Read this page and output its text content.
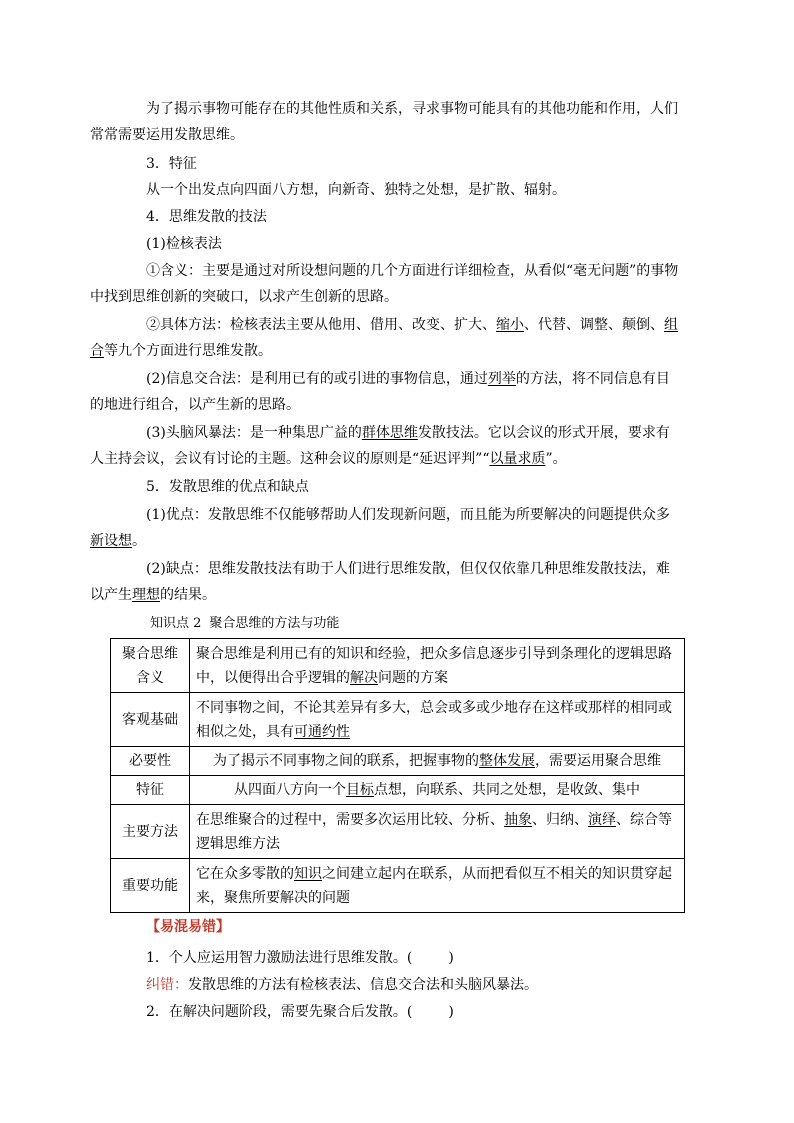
为了揭示事物可能存在的其他性质和关系，寻求事物可能具有的其他功能和作用，人们
常常需要运用发散思维。

3．特征

从一个出发点向四面八方想，向新奇、独特之处想，是扩散、辐射。

4．思维发散的技法

(1)检核表法

①含义：主要是通过对所设想问题的几个方面进行详细检查，从看似“毫无问题”的事物
中找到思维创新的突破口，以求产生创新的思路。

②具体方法：检核表法主要从他用、借用、改变、扩大、缩小、代替、调整、颠倒、组
合等九个方面进行思维发散。

(2)信息交合法：是利用已有的或引进的事物信息，通过列举的方法，将不同信息有目
的地进行组合，以产生新的思路。

(3)头脑风暴法：是一种集思广益的群体思维发散技法。它以会议的形式开展，要求有
人主持会议，会议有讨论的主题。这种会议的原则是“延迟评判”“以量求质”。

5．发散思维的优点和缺点

(1)优点：发散思维不仅能够帮助人们发现新问题，而且能为所要解决的问题提供众多
新设想。

(2)缺点：思维发散技法有助于人们进行思维发散，但仅仅依靠几种思维发散技法，难
以产生理想的结果。

知识点 2 聚合思维的方法与功能
聚合思维
含义	聚合思维是利用已有的知识和经验，把众多信息逐步引导到条理化的逻辑思路
中，以便得出合乎逻辑的解决问题的方案
客观基础	不同事物之间，不论其差异有多大，总会或多或少地存在这样或那样的相同或
相似之处，具有可通约性
必要性	为了揭示不同事物之间的联系，把握事物的整体发展，需要运用聚合思维
特征	从四面八方向一个目标点想，向联系、共同之处想，是收敛、集中
主要方法	在思维聚合的过程中，需要多次运用比较、分析、抽象、归纳、演绎、综合等
逻辑思维方法
重要功能	它在众多零散的知识之间建立起内在联系，从而把看似互不相关的知识贯穿起
来，聚焦所要解决的问题
【易混易错】

1．个人应运用智力激励法进行思维发散。(	)

纠错：发散思维的方法有检核表法、信息交合法和头脑风暴法。

2．在解决问题阶段，需要先聚合后发散。(	)
